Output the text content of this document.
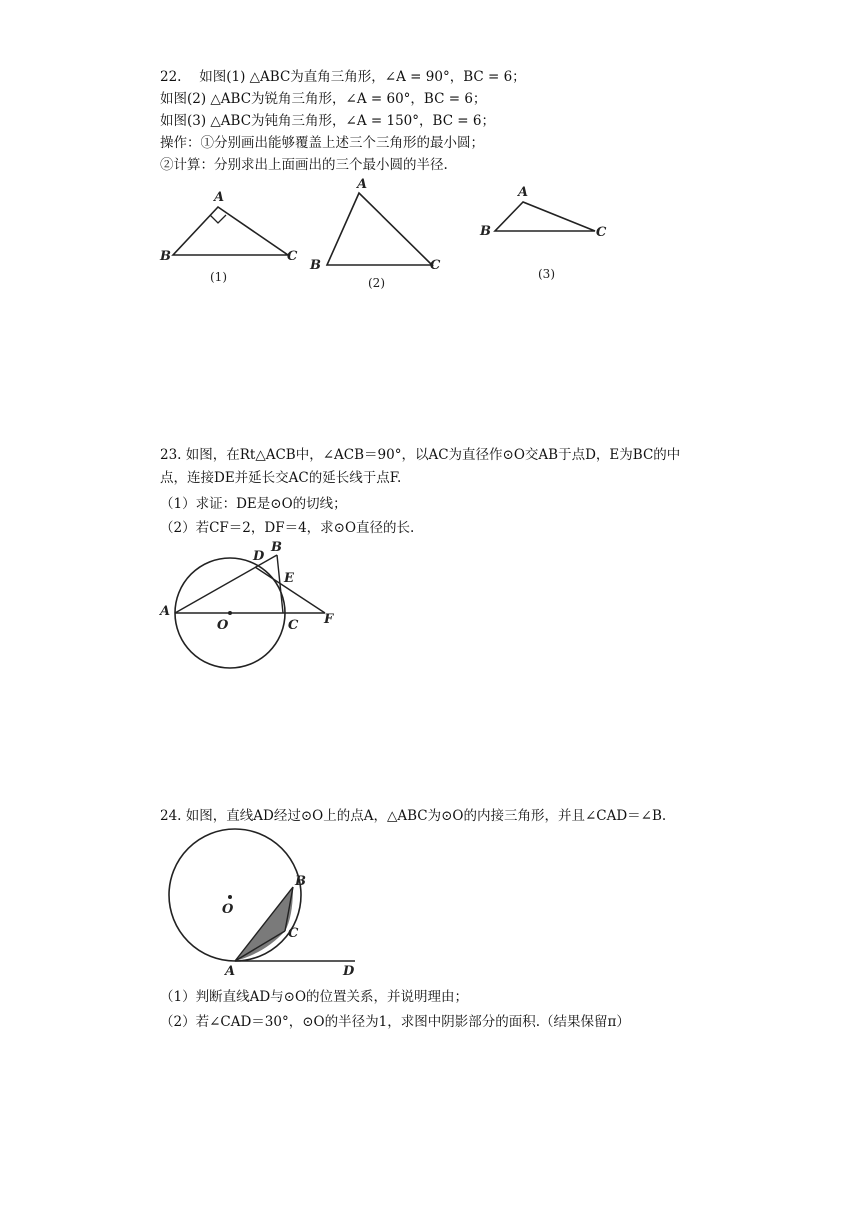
22.　 如图(1) △ABC为直角三角形，∠A = 90°，BC = 6；
如图(2) △ABC为锐角三角形，∠A = 60°，BC = 6；
如图(3) △ABC为钝角三角形，∠A = 150°，BC = 6；
操作：①分别画出能够覆盖上述三个三角形的最小圆；
②计算：分别求出上面画出的三个最小圆的半径.
A
B	C
(1)
A
B	C
(2)
A
B	C
(3)
23. 如图，在Rt△ACB中，∠ACB＝90°，以AC为直径作⊙O交AB于点D，E为BC的中
点，连接DE并延长交AC的延长线于点F.
（1）求证：DE是⊙O的切线；
（2）若CF＝2，DF＝4，求⊙O直径的长.
A
B
D
E
C F
O
24. 如图，直线AD经过⊙O上的点A，△ABC为⊙O的内接三角形，并且∠CAD＝∠B.
O
B
C
A	D
（1）判断直线AD与⊙O的位置关系，并说明理由；
（2）若∠CAD＝30°，⊙O的半径为1，求图中阴影部分的面积.（结果保留π）
